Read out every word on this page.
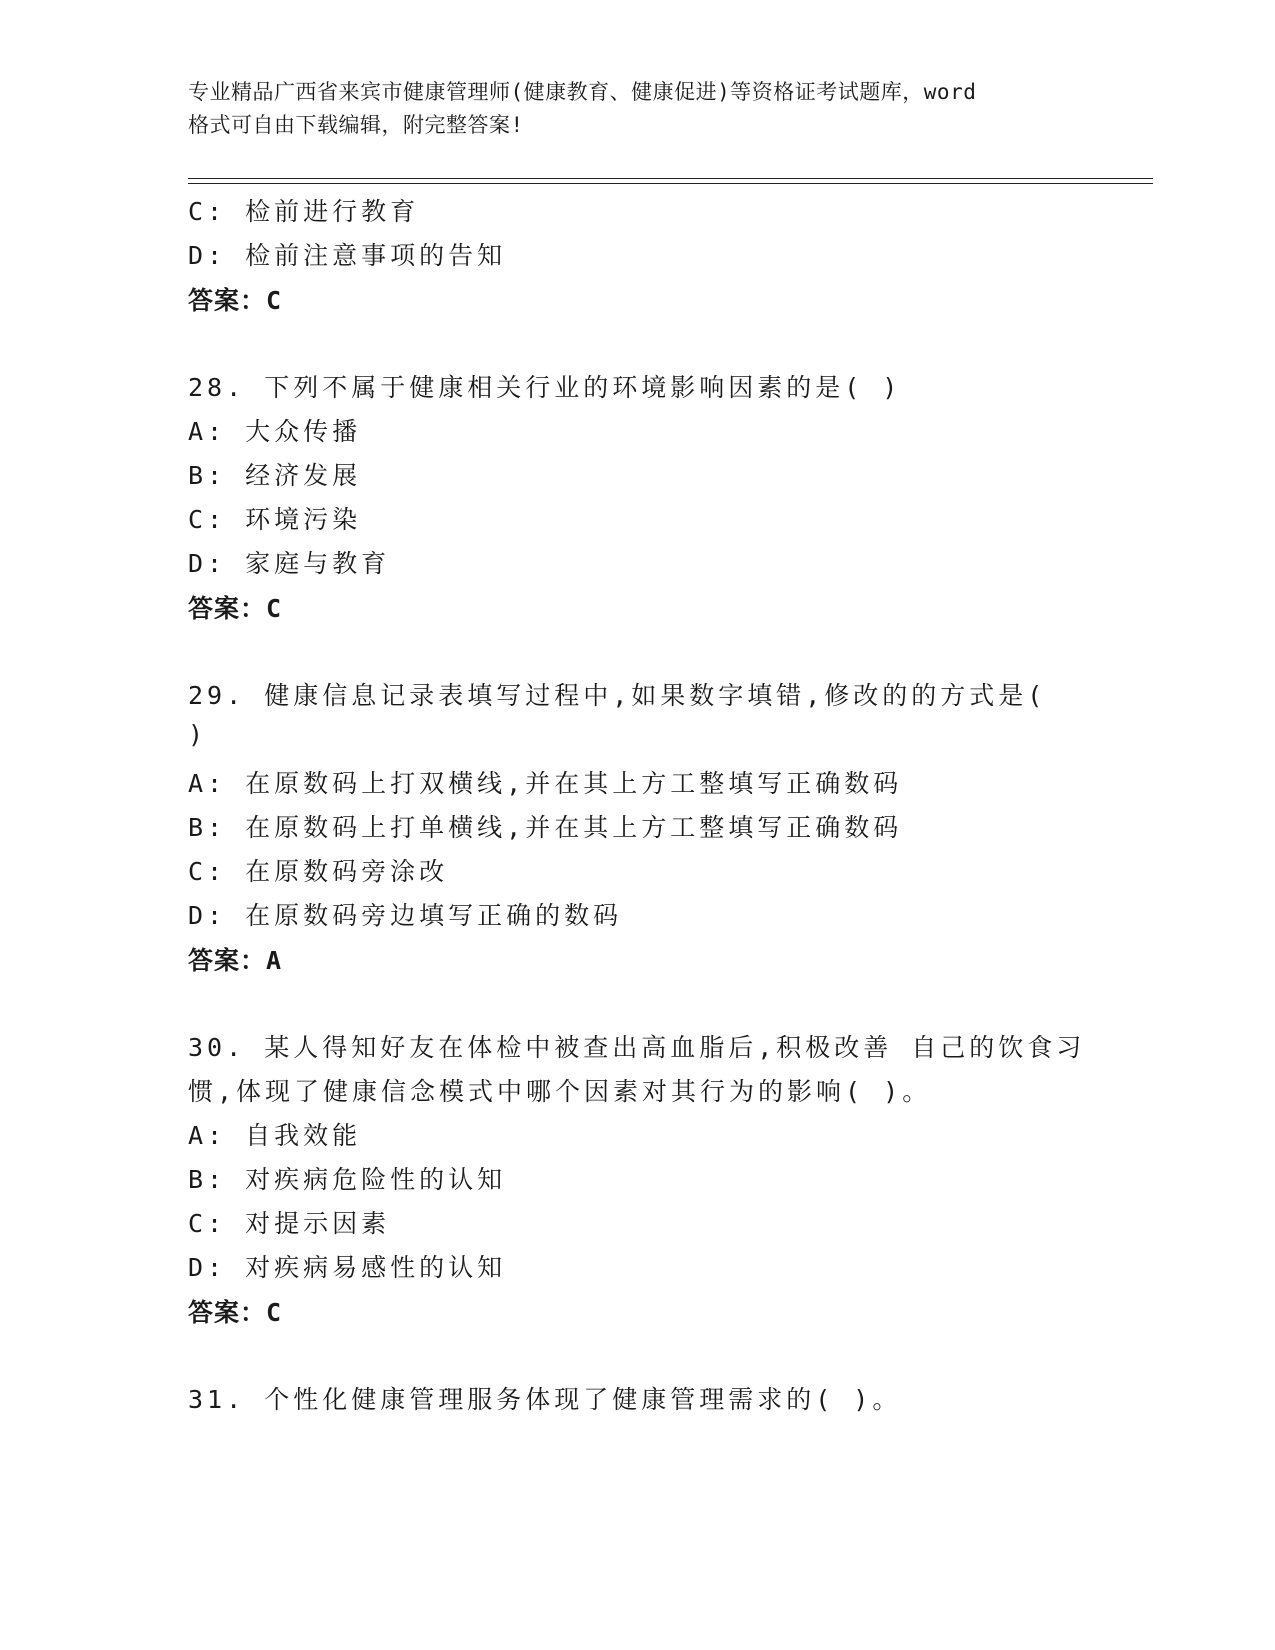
专业精品广西省来宾市健康管理师(健康教育、健康促进)等资格证考试题库，word
格式可自由下载编辑，附完整答案!
C: 检前进行教育
D: 检前注意事项的告知
答案：C
28. 下列不属于健康相关行业的环境影响因素的是( )
A: 大众传播
B: 经济发展
C: 环境污染
D: 家庭与教育
答案：C
29. 健康信息记录表填写过程中,如果数字填错,修改的的方式是(
)
A: 在原数码上打双横线,并在其上方工整填写正确数码
B: 在原数码上打单横线,并在其上方工整填写正确数码
C: 在原数码旁涂改
D: 在原数码旁边填写正确的数码
答案：A
30. 某人得知好友在体检中被查出高血脂后,积极改善 自己的饮食习
惯,体现了健康信念模式中哪个因素对其行为的影响( )。
A: 自我效能
B: 对疾病危险性的认知
C: 对提示因素
D: 对疾病易感性的认知
答案：C
31. 个性化健康管理服务体现了健康管理需求的( )。
